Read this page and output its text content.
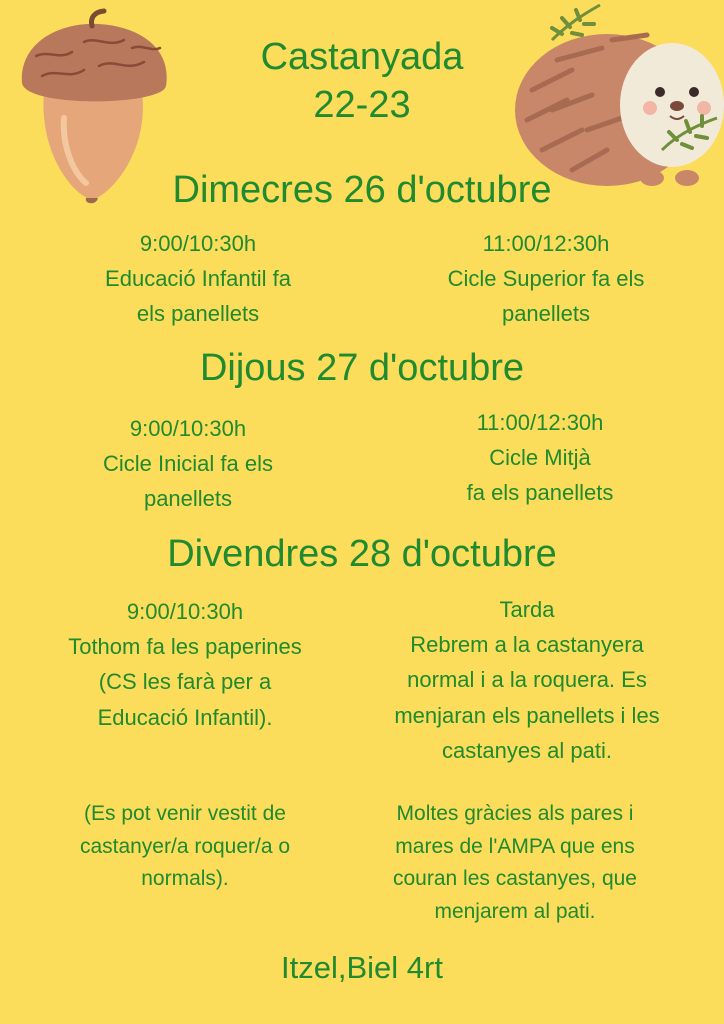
Castanyada
22-23
Dimecres 26 d'octubre
9:00/10:30h
Educació Infantil fa
els panellets
11:00/12:30h
Cicle Superior fa els
panellets
Dijous 27 d'octubre
9:00/10:30h
Cicle Inicial fa els
panellets
11:00/12:30h
Cicle Mitjà
fa els panellets
Divendres 28 d'octubre
9:00/10:30h
Tothom fa les paperines
(CS les farà per a
Educació Infantil).
Tarda
Rebrem a la castanyera
normal i a la roquera. Es
menjaran els panellets i les
castanyes al pati.
(Es pot venir vestit de
castanyer/a roquer/a o
normals).
Moltes gràcies als pares i
mares de l'AMPA que ens
couran les castanyes, que
menjarem al pati.
Itzel,Biel 4rt
